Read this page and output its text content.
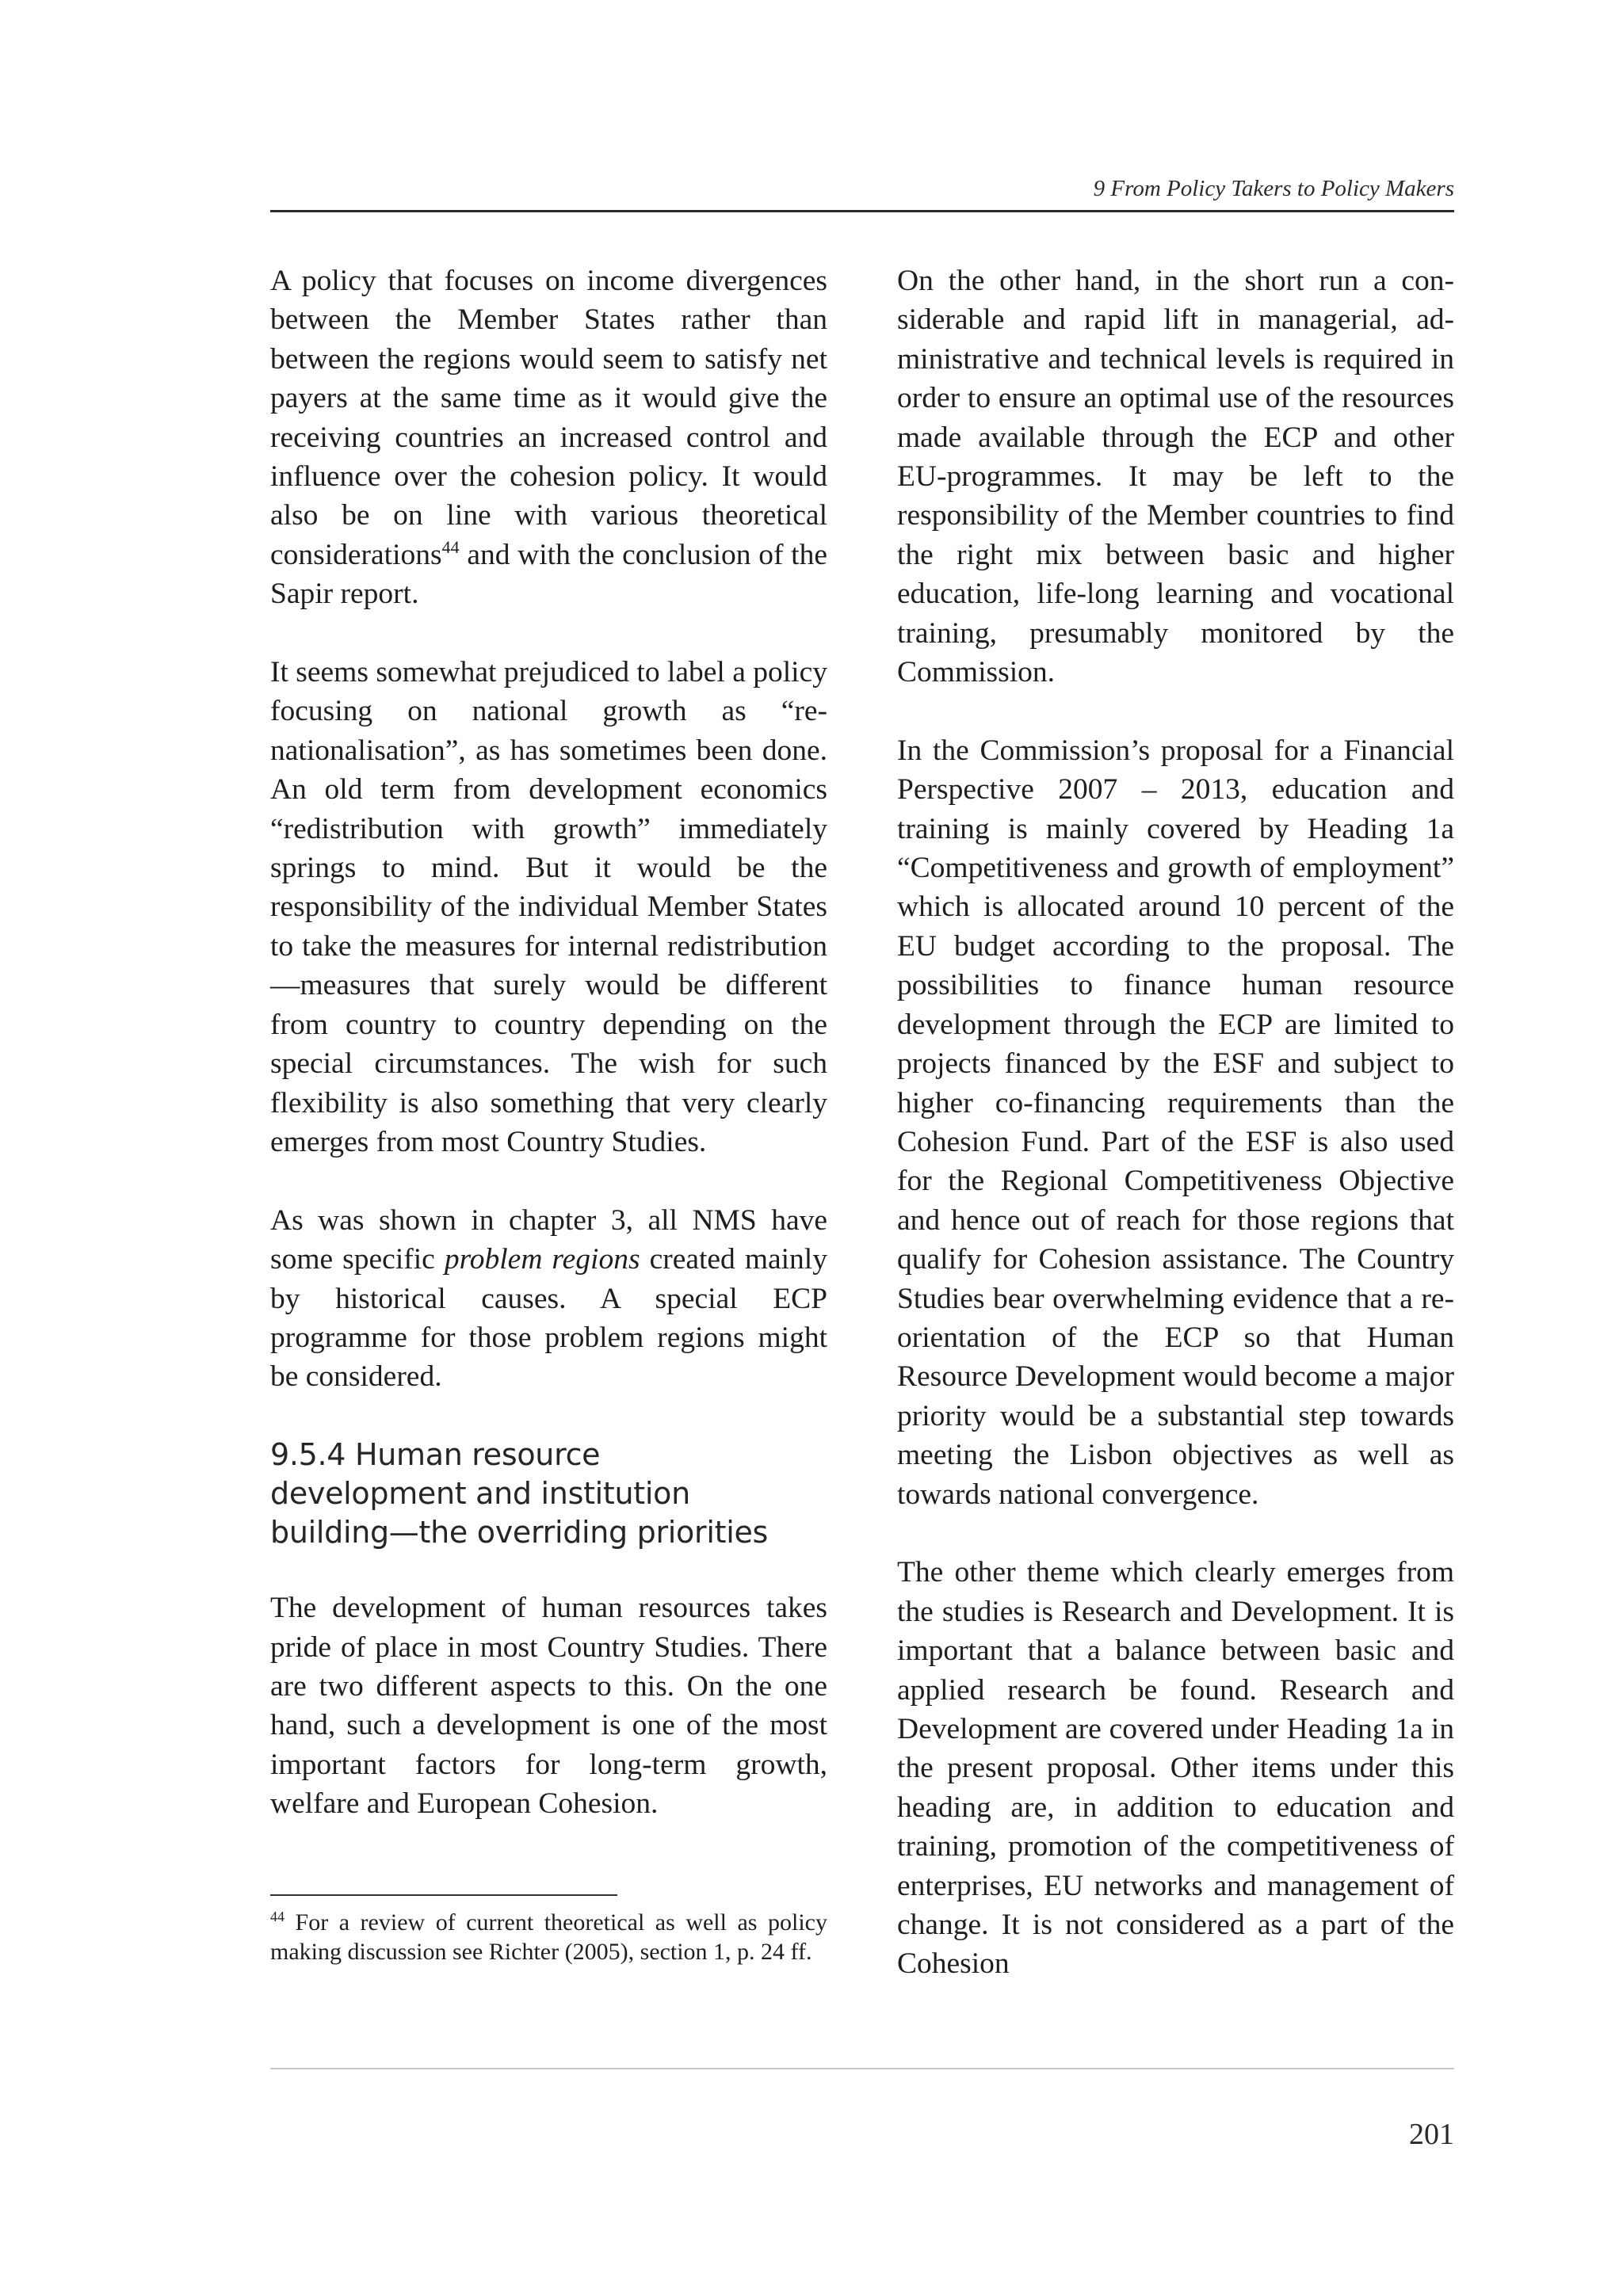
9 From Policy Takers to Policy Makers

A policy that focuses on income divergences between the Member States rather than between the regions would seem to satisfy net payers at the same time as it would give the receiving countries an increased control and influence over the cohesion policy. It would also be on line with various theoretical considerations$^{44}$ and with the conclusion of the Sapir report.

It seems somewhat prejudiced to label a policy focusing on national growth as “renationalisation”, as has sometimes been done. An old term from development economics “redistribution with growth” immediately springs to mind. But it would be the responsibility of the individual Member States to take the measures for internal redistribution—measures that surely would be different from country to country depending on the special circumstances. The wish for such flexibility is also something that very clearly emerges from most Country Studies.

As was shown in chapter 3, all NMS have some specific problem regions created mainly by historical causes. A special ECP programme for those problem regions might be considered.

9.5.4 Human resource
development and institution
building—the overriding priorities

The development of human resources takes pride of place in most Country Studies. There are two different aspects to this. On the one hand, such a development is one of the most important factors for long-term growth, welfare and European Cohesion.

$^{44}$ For a review of current theoretical as well as policy making discussion see Richter (2005), section 1, p. 24 ff.

On the other hand, in the short run a considerable and rapid lift in managerial, administrative and technical levels is required in order to ensure an optimal use of the resources made available through the ECP and other EU-programmes. It may be left to the responsibility of the Member countries to find the right mix between basic and higher education, life-long learning and vocational training, presumably monitored by the Commission.

In the Commission’s proposal for a Financial Perspective 2007 – 2013, education and training is mainly covered by Heading 1a “Competitiveness and growth of employment” which is allocated around 10 percent of the EU budget according to the proposal. The possibilities to finance human resource development through the ECP are limited to projects financed by the ESF and subject to higher co-financing requirements than the Cohesion Fund. Part of the ESF is also used for the Regional Competitiveness Objective and hence out of reach for those regions that qualify for Cohesion assistance. The Country Studies bear overwhelming evidence that a re-orientation of the ECP so that Human Resource Development would become a major priority would be a substantial step towards meeting the Lisbon objectives as well as towards national convergence.

The other theme which clearly emerges from the studies is Research and Development. It is important that a balance between basic and applied research be found. Research and Development are covered under Heading 1a in the present proposal. Other items under this heading are, in addition to education and training, promotion of the competitiveness of enterprises, EU networks and management of change. It is not considered as a part of the Cohesion

201
